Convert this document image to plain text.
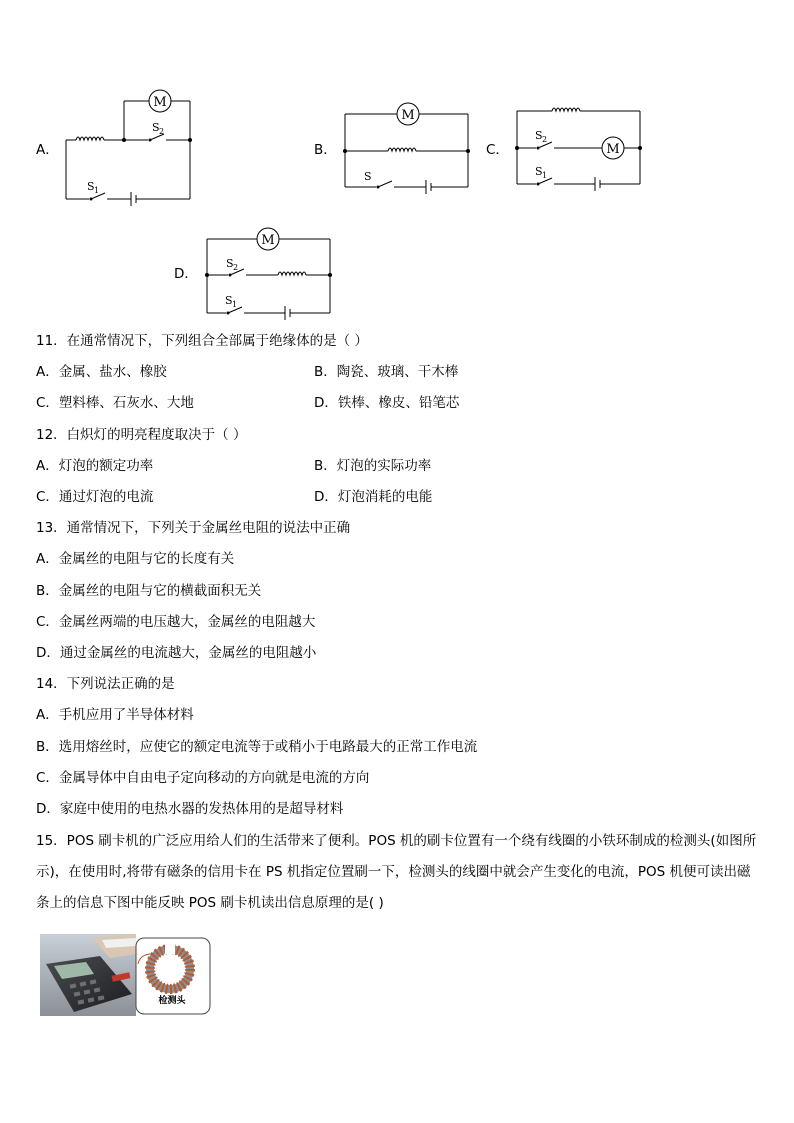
A．
M
S 2
S 1
B．
M
S
C．
S 2
M
S 1
D．
M
S 2
S 1
11．在通常情况下，下列组合全部属于绝缘体的是（ ）
A．金属、盐水、橡胶	B．陶瓷、玻璃、干木棒
C．塑料棒、石灰水、大地	D．铁棒、橡皮、铅笔芯
12．白炽灯的明亮程度取决于（ ）
A．灯泡的额定功率	B．灯泡的实际功率
C．通过灯泡的电流	D．灯泡消耗的电能
13．通常情况下，下列关于金属丝电阻的说法中正确
A．金属丝的电阻与它的长度有关
B．金属丝的电阻与它的横截面积无关
C．金属丝两端的电压越大，金属丝的电阻越大
D．通过金属丝的电流越大，金属丝的电阻越小
14．下列说法正确的是
A．手机应用了半导体材料
B．选用熔丝时，应使它的额定电流等于或稍小于电路最大的正常工作电流
C．金属导体中自由电子定向移动的方向就是电流的方向
D．家庭中使用的电热水器的发热体用的是超导材料
15．POS 刷卡机的广泛应用给人们的生活带来了便利。POS 机的刷卡位置有一个绕有线圈的小铁环制成的检测头(如图所示)，在使用时,将带有磁条的信用卡在 PS 机指定位置刷一下，检测头的线圈中就会产生变化的电流，POS 机便可读出磁条上的信息下图中能反映 POS 刷卡机读出信息原理的是( )
检测头
